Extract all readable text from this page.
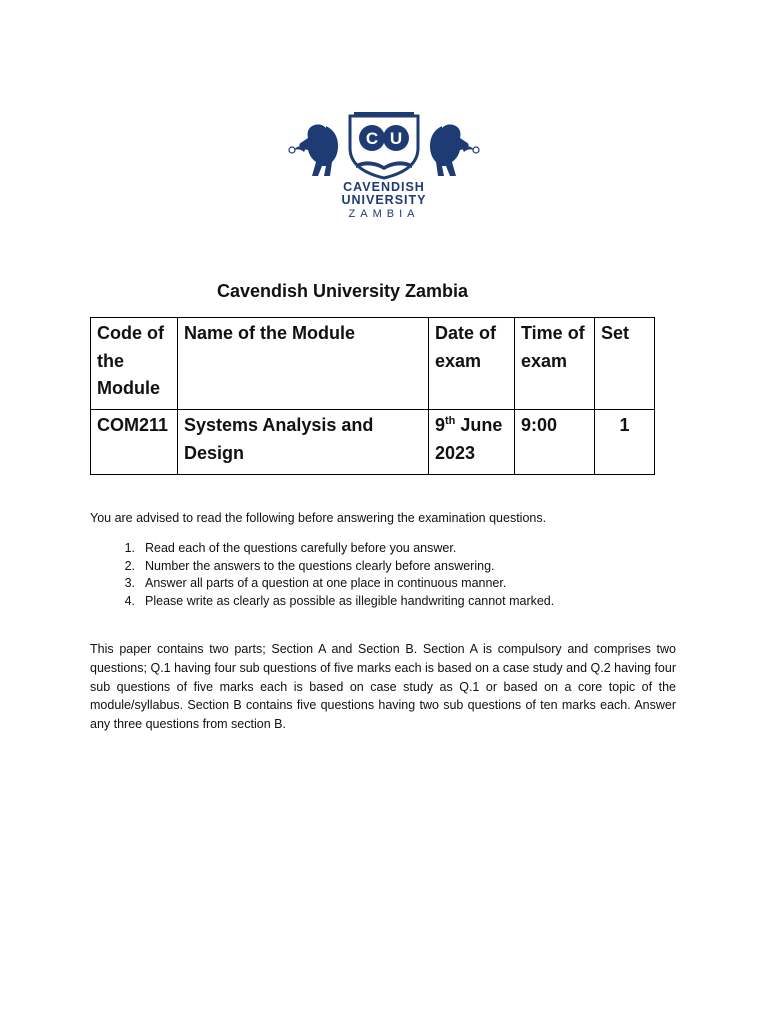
C U
CAVENDISH
UNIVERSITY
ZAMBIA
Cavendish University Zambia
Code of the Module	Name of the Module	Date of exam	Time of exam	Set
COM211	Systems Analysis and Design	9th June 2023	9:00	1
You are advised to read the following before answering the examination questions.
1. Read each of the questions carefully before you answer.
2. Number the answers to the questions clearly before answering.
3. Answer all parts of a question at one place in continuous manner.
4. Please write as clearly as possible as illegible handwriting cannot marked.
This paper contains two parts; Section A and Section B. Section A is compulsory and comprises two questions; Q.1 having four sub questions of five marks each is based on a case study and Q.2 having four sub questions of five marks each is based on case study as Q.1 or based on a core topic of the module/syllabus. Section B contains five questions having two sub questions of ten marks each. Answer any three questions from section B.
